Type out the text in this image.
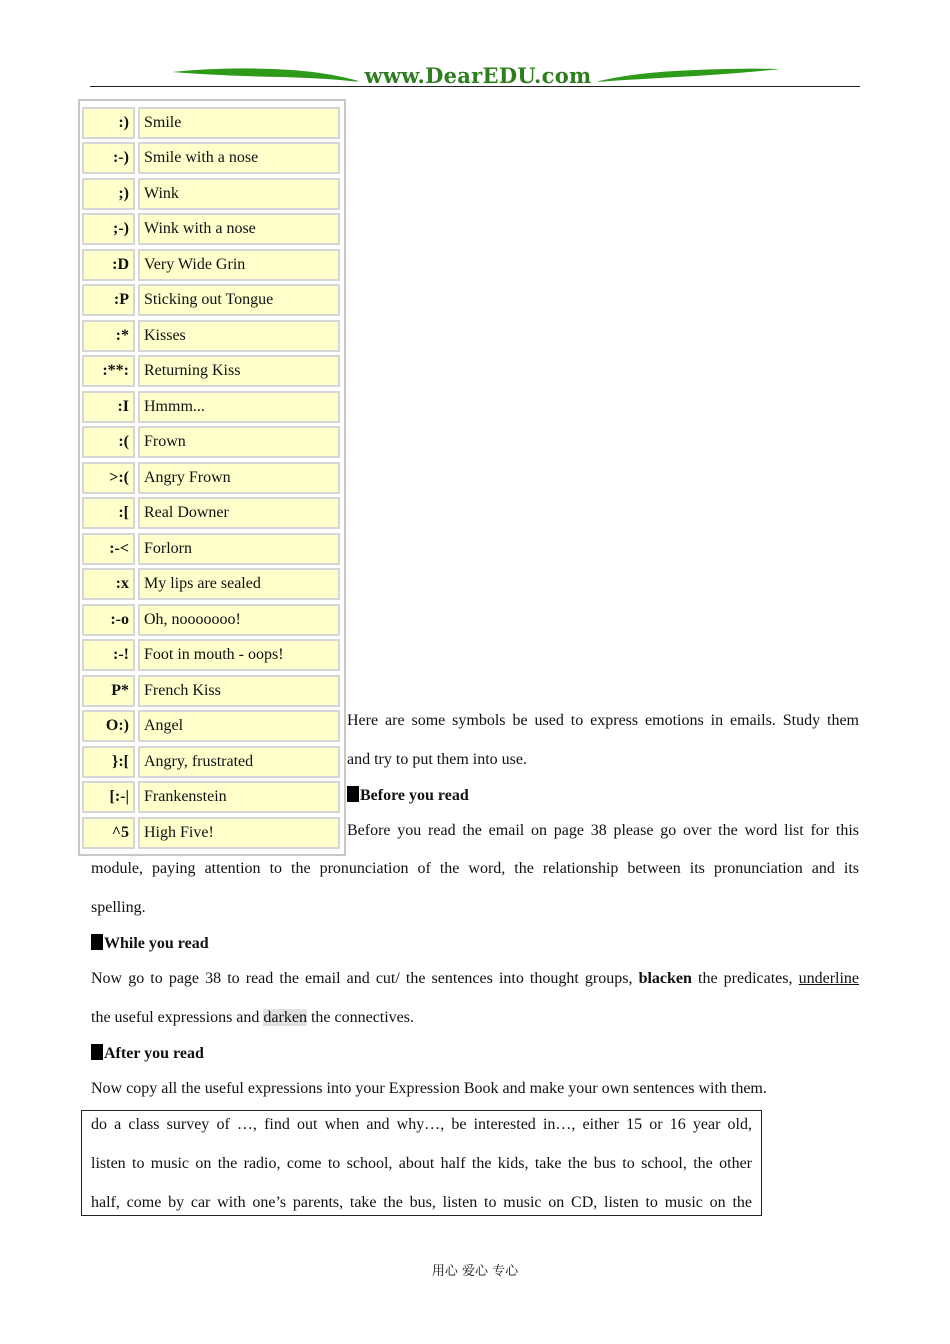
www.DearEDU.com
:) Smile
:-) Smile with a nose
;) Wink
;-) Wink with a nose
:D Very Wide Grin
:P Sticking out Tongue
:* Kisses
:**: Returning Kiss
:I Hmmm...
:( Frown
>:( Angry Frown
:[ Real Downer
:-< Forlorn
:x My lips are sealed
:-o Oh, nooooooo!
:-! Foot in mouth - oops!
P* French Kiss
O:) Angel
}:[ Angry, frustrated
[:-| Frankenstein
^5 High Five!
Here are some symbols be used to express emotions in emails. Study them
and try to put them into use.
Before you read
Before you read the email on page 38 please go over the word list for this
module, paying attention to the pronunciation of the word, the relationship between its pronunciation and its
spelling.
While you read
Now go to page 38 to read the email and cut/ the sentences into thought groups, blacken the predicates, underline
the useful expressions and darken the connectives.
After you read
Now copy all the useful expressions into your Expression Book and make your own sentences with them.
do a class survey of …, find out when and why…, be interested in…, either 15 or 16 year old,
listen to music on the radio, come to school, about half the kids, take the bus to school, the other
half, come by car with one’s parents, take the bus, listen to music on CD, listen to music on the
用心 爱心 专心
